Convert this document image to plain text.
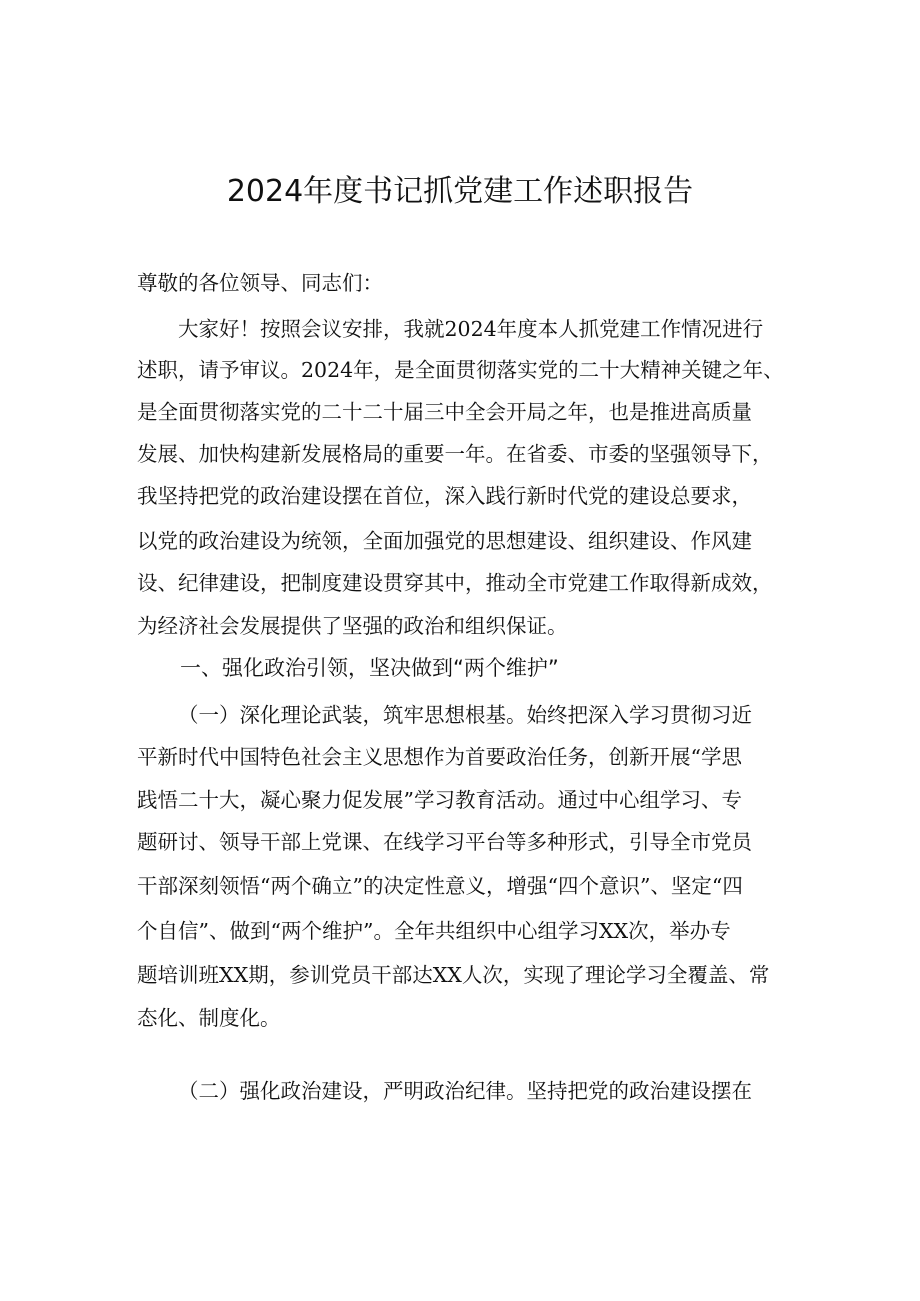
2024年度书记抓党建工作述职报告
尊敬的各位领导、同志们：
大家好！按照会议安排，我就2024年度本人抓党建工作情况进行
述职，请予审议。2024年，是全面贯彻落实党的二十大精神关键之年、
是全面贯彻落实党的二十二十届三中全会开局之年，也是推进高质量
发展、加快构建新发展格局的重要一年。在省委、市委的坚强领导下，
我坚持把党的政治建设摆在首位，深入践行新时代党的建设总要求，
以党的政治建设为统领，全面加强党的思想建设、组织建设、作风建
设、纪律建设，把制度建设贯穿其中，推动全市党建工作取得新成效，
为经济社会发展提供了坚强的政治和组织保证。
一、强化政治引领，坚决做到“两个维护”
（一）深化理论武装，筑牢思想根基。始终把深入学习贯彻习近
平新时代中国特色社会主义思想作为首要政治任务，创新开展“学思
践悟二十大，凝心聚力促发展”学习教育活动。通过中心组学习、专
题研讨、领导干部上党课、在线学习平台等多种形式，引导全市党员
干部深刻领悟“两个确立”的决定性意义，增强“四个意识”、坚定“四
个自信”、做到“两个维护”。全年共组织中心组学习XX次，举办专
题培训班XX期，参训党员干部达XX人次，实现了理论学习全覆盖、常
态化、制度化。
（二）强化政治建设，严明政治纪律。坚持把党的政治建设摆在
